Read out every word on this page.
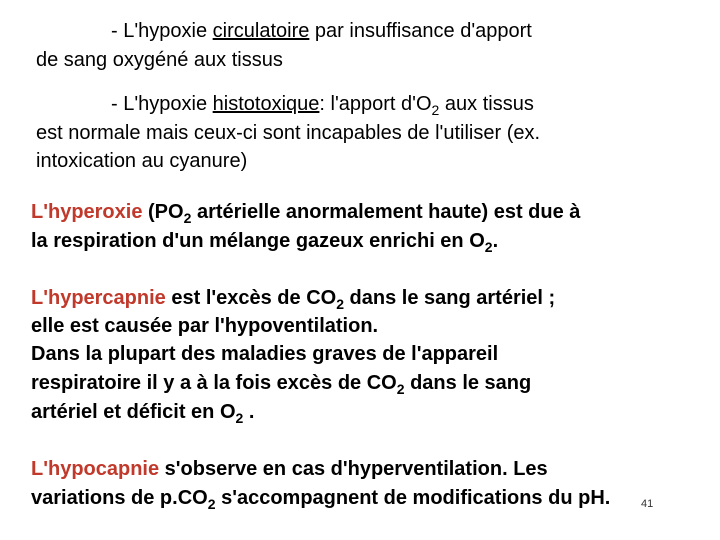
- L'hypoxie circulatoire par insuffisance d'apport
de sang oxygéné aux tissus
- L'hypoxie histotoxique: l'apport $d'O_2$ aux tissus
est normale mais ceux-ci sont incapables de l'utiliser (ex.
intoxication au cyanure)
L'hyperoxie ($PO_2$ artérielle anormalement haute) est due à
la respiration d'un mélange gazeux enrichi en $O_2$.
L'hypercapnie est l'excès de $CO_2$ dans le sang artériel ;
elle est causée par l'hypoventilation.
Dans la plupart des maladies graves de l'appareil
respiratoire il y a à la fois excès de $CO_2$ dans le sang
artériel et déficit en $O_2$ .
L'hypocapnie s'observe en cas d'hyperventilation. Les
variations de $p.CO_2$ s'accompagnent de modifications du pH.	41
